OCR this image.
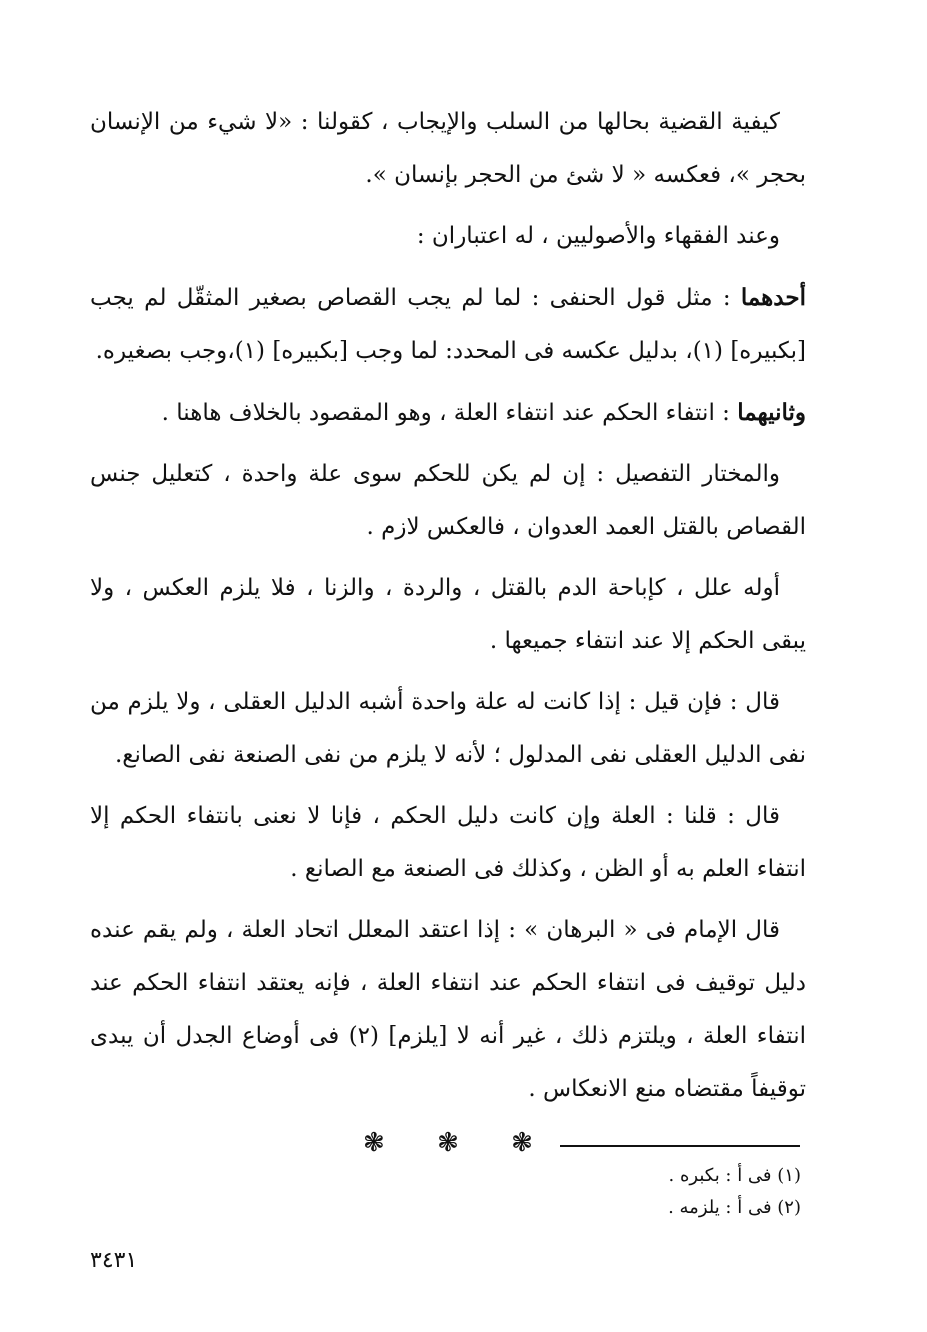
كيفية القضية بحالها من السلب والإيجاب ، كقولنا : «لا شيء من الإنسان بحجر »، فعكسه « لا شئ من الحجر بإنسان ».

وعند الفقهاء والأصوليين ، له اعتباران :

أحدهما : مثل قول الحنفى : لما لم يجب القصاص بصغير المثقّل لم يجب [بكبيره] (١)، بدليل عكسه فى المحدد: لما وجب [بكبيره] (١)،وجب بصغيره.

وثانيهما : انتفاء الحكم عند انتفاء العلة ، وهو المقصود بالخلاف هاهنا .

والمختار التفصيل : إن لم يكن للحكم سوى علة واحدة ، كتعليل جنس القصاص بالقتل العمد العدوان ، فالعكس لازم .

أوله علل ، كإباحة الدم بالقتل ، والردة ، والزنا ، فلا يلزم العكس ، ولا يبقى الحكم إلا عند انتفاء جميعها .

قال : فإن قيل : إذا كانت له علة واحدة أشبه الدليل العقلى ، ولا يلزم من نفى الدليل العقلى نفى المدلول ؛ لأنه لا يلزم من نفى الصنعة نفى الصانع.

قال : قلنا : العلة وإن كانت دليل الحكم ، فإنا لا نعنى بانتفاء الحكم إلا انتفاء العلم به أو الظن ، وكذلك فى الصنعة مع الصانع .

قال الإمام فى « البرهان » : إذا اعتقد المعلل اتحاد العلة ، ولم يقم عنده دليل توقيف فى انتفاء الحكم عند انتفاء العلة ، فإنه يعتقد انتفاء الحكم عند انتفاء العلة ، ويلتزم ذلك ، غير أنه لا [يلزم] (٢) فى أوضاع الجدل أن يبدى توقيفاً مقتضاه منع الانعكاس .

❃ ❃ ❃

(١) فى أ : بكبره .

(٢) فى أ : يلزمه .

٣٤٣١
